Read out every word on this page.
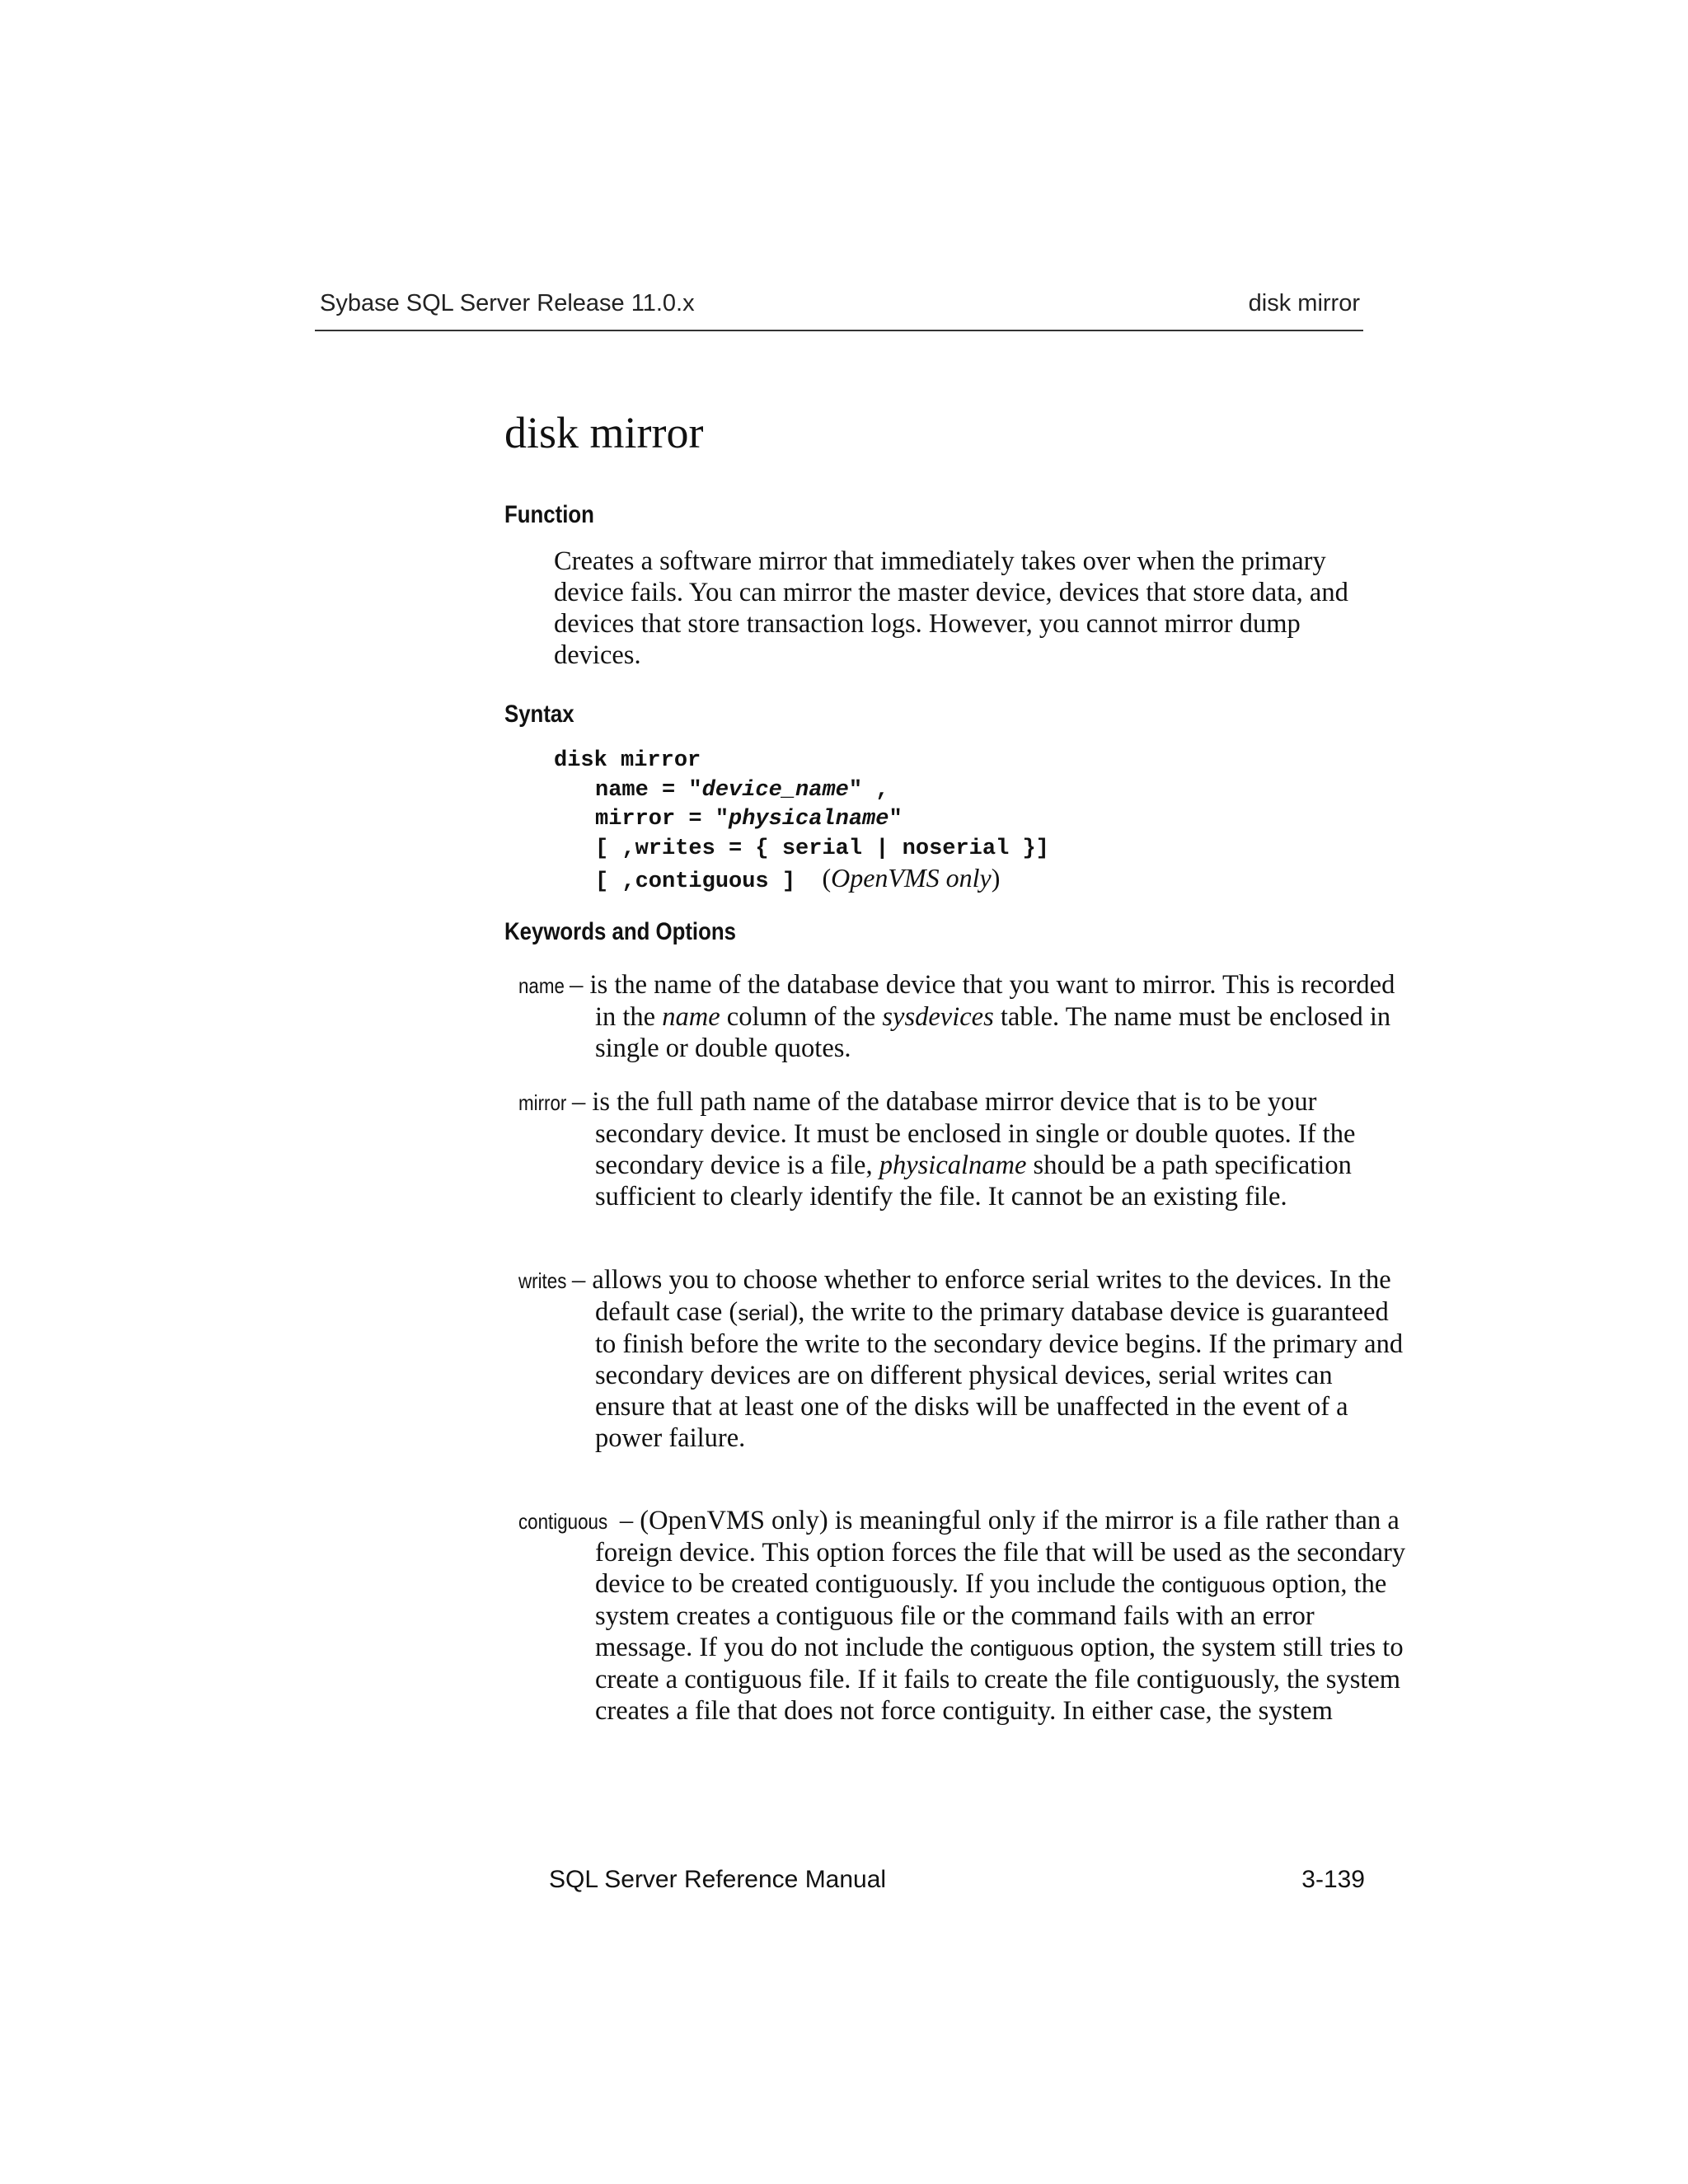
Sybase SQL Server Release 11.0.x	disk mirror
disk mirror
Function

Creates a software mirror that immediately takes over when the primary device fails. You can mirror the master device, devices that store data, and devices that store transaction logs. However, you cannot mirror dump devices.

Syntax
disk mirror
name = "device_name" ,
mirror = "physicalname"
[ ,writes = { serial | noserial }]
[ ,contiguous ] (OpenVMS only)
Keywords and Options

name – is the name of the database device that you want to mirror. This is recorded in the name column of the sysdevices table. The name must be enclosed in single or double quotes.

mirror – is the full path name of the database mirror device that is to be your secondary device. It must be enclosed in single or double quotes. If the secondary device is a file, physicalname should be a path specification sufficient to clearly identify the file. It cannot be an existing file.

writes – allows you to choose whether to enforce serial writes to the devices. In the default case (serial), the write to the primary database device is guaranteed to finish before the write to the secondary device begins. If the primary and secondary devices are on different physical devices, serial writes can ensure that at least one of the disks will be unaffected in the event of a power failure.

contiguous – (OpenVMS only) is meaningful only if the mirror is a file rather than a foreign device. This option forces the file that will be used as the secondary device to be created contiguously. If you include the contiguous option, the system creates a contiguous file or the command fails with an error message. If you do not include the contiguous option, the system still tries to create a contiguous file. If it fails to create the file contiguously, the system creates a file that does not force contiguity. In either case, the system

SQL Server Reference Manual	3-139
